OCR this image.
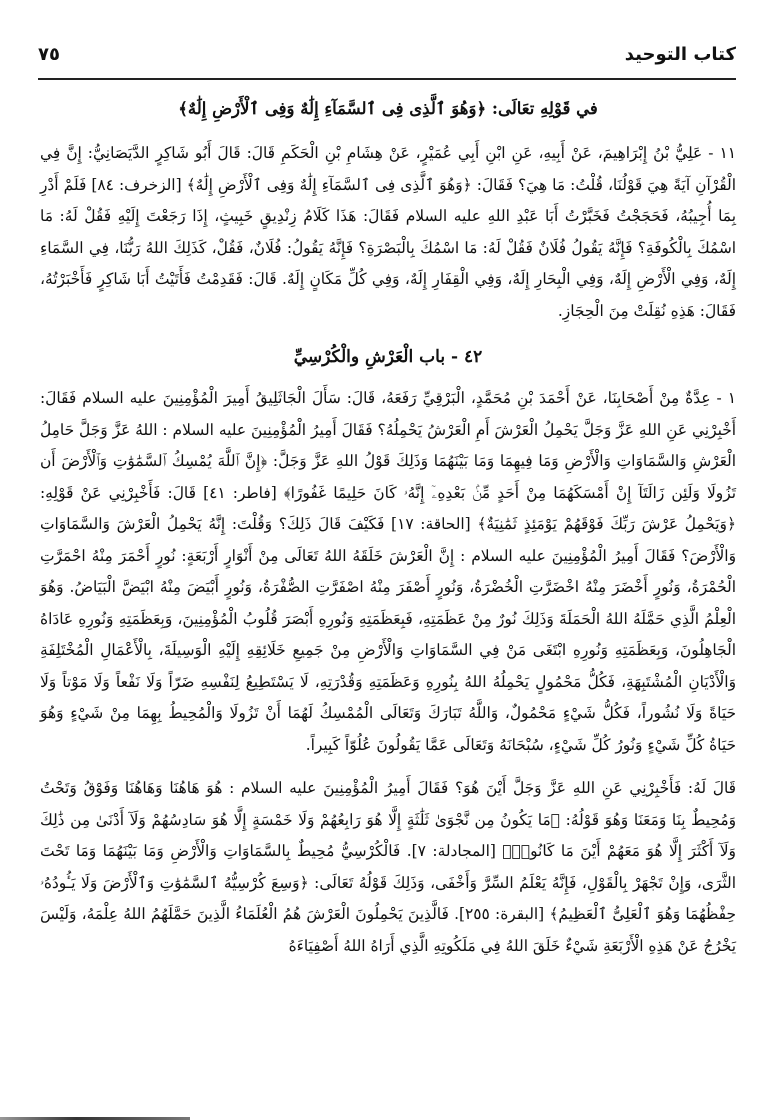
كتاب التوحيد
٧٥

في قَوْلِهِ تعَالَى: ﴿وَهُوَ ٱلَّذِى فِى ٱلسَّمَآءِ إِلَٰهٌ وَفِى ٱلْأَرْضِ إِلَٰهٌ﴾

١١ - عَلِيُّ بْنُ إِبْرَاهِيمَ، عَنْ أَبِيهِ، عَنِ ابْنِ أَبِي عُمَيْرٍ، عَنْ هِشَامِ بْنِ الْحَكَمِ قَالَ: قَالَ أَبُو شَاكِرٍ الدَّيَصَانِيُّ: إِنَّ فِي الْقُرْآنِ آيَةً هِيَ قَوْلُنَا، قُلْتُ: مَا هِيَ؟ فَقَالَ: ﴿وَهُوَ ٱلَّذِى فِى ٱلسَّمَآءِ إِلَٰهٌ وَفِى ٱلْأَرْضِ إِلَٰهٌ﴾ [الزخرف: ٨٤] فَلَمْ أَدْرِ بِمَا أُجِيبُهُ، فَحَجَجْتُ فَخَبَّرْتُ أَبَا عَبْدِ اللهِ عليه السلام فَقَالَ: هَذَا كَلَامُ زِنْدِيقٍ خَبِيثٍ، إِذَا رَجَعْتَ إِلَيْهِ فَقُلْ لَهُ: مَا اسْمُكَ بِالْكُوفَةِ؟ فَإِنَّهُ يَقُولُ فُلَانٌ فَقُلْ لَهُ: مَا اسْمُكَ بِالْبَصْرَةِ؟ فَإِنَّهُ يَقُولُ: فُلَانٌ، فَقُلْ، كَذَلِكَ اللهُ رَبُّنَا، فِي السَّمَاءِ إِلَهٌ، وَفِي الْأَرْضِ إِلَهٌ، وَفِي الْبِحَارِ إِلَهٌ، وَفِي الْقِفَارِ إِلَهٌ، وَفِي كُلِّ مَكَانٍ إِلَهٌ. قَالَ: فَقَدِمْتُ فَأَتَيْتُ أَبَا شَاكِرٍ فَأَخْبَرْتُهُ، فَقَالَ: هَذِهِ نُقِلَتْ مِنَ الْحِجَازِ.

٤٢ - باب الْعَرْشِ والْكُرْسِيِّ

١ - عِدَّةٌ مِنْ أَصْحَابِنَا، عَنْ أَحْمَدَ بْنِ مُحَمَّدٍ، الْبَرْقِيِّ رَفَعَهُ، قَالَ: سَأَلَ الْجَاثَلِيقُ أَمِيرَ الْمُؤْمِنِينَ عليه السلام فَقَالَ: أَخْبِرْنِي عَنِ اللهِ عَزَّ وَجَلَّ يَحْمِلُ الْعَرْشَ أَمِ الْعَرْشُ يَحْمِلُهُ؟ فَقَالَ أَمِيرُ الْمُؤْمِنِينَ عليه السلام : اللهُ عَزَّ وَجَلَّ حَامِلُ الْعَرْشِ وَالسَّمَاوَاتِ وَالْأَرْضِ وَمَا فِيهِمَا وَمَا بَيْنَهُمَا وَذَلِكَ قَوْلُ اللهِ عَزَّ وَجَلَّ: ﴿إِنَّ ٱللَّهَ يُمْسِكُ ٱلسَّمَٰوَٰتِ وَٱلْأَرْضَ أَن تَزُولَا وَلَئِن زَالَتَآ إِنْ أَمْسَكَهُمَا مِنْ أَحَدٍ مِّنۢ بَعْدِهِۦٓ إِنَّهُۥ كَانَ حَلِيمًا غَفُورًا﴾ [فاطر: ٤١] قَالَ: فَأَخْبِرْنِي عَنْ قَوْلِهِ: ﴿وَيَحْمِلُ عَرْشَ رَبِّكَ فَوْقَهُمْ يَوْمَئِذٍ ثَمَٰنِيَةٌ﴾ [الحاقة: ١٧] فَكَيْفَ قَالَ ذَلِكَ؟ وَقُلْتَ: إِنَّهُ يَحْمِلُ الْعَرْشَ وَالسَّمَاوَاتِ وَالْأَرْضَ؟ فَقَالَ أَمِيرُ الْمُؤْمِنِينَ عليه السلام : إِنَّ الْعَرْشَ خَلَقَهُ اللهُ تَعَالَى مِنْ أَنْوَارٍ أَرْبَعَةٍ: نُورٍ أَحْمَرَ مِنْهُ احْمَرَّتِ الْحُمْرَةُ، وَنُورٍ أَخْضَرَ مِنْهُ اخْضَرَّتِ الْخُضْرَةُ، وَنُورٍ أَصْفَرَ مِنْهُ اصْفَرَّتِ الصُّفْرَةُ، وَنُورٍ أَبْيَضَ مِنْهُ ابْيَضَّ الْبَيَاضُ. وَهُوَ الْعِلْمُ الَّذِي حَمَّلَهُ اللهُ الْحَمَلَةَ وَذَلِكَ نُورٌ مِنْ عَظَمَتِهِ، فَبِعَظَمَتِهِ وَنُورِهِ أَبْصَرَ قُلُوبُ الْمُؤْمِنِينَ، وَبِعَظَمَتِهِ وَنُورِهِ عَادَاهُ الْجَاهِلُونَ، وَبِعَظَمَتِهِ وَنُورِهِ ابْتَغَى مَنْ فِي السَّمَاوَاتِ وَالْأَرْضِ مِنْ جَمِيعِ خَلَائِقِهِ إِلَيْهِ الْوَسِيلَةَ، بِالْأَعْمَالِ الْمُخْتَلِفَةِ وَالْأَدْيَانِ الْمُشْتَبِهَةِ، فَكُلُّ مَحْمُولٍ يَحْمِلُهُ اللهُ بِنُورِهِ وَعَظَمَتِهِ وَقُدْرَتِهِ، لَا يَسْتَطِيعُ لِنَفْسِهِ ضَرّاً وَلَا نَفْعاً وَلَا مَوْتاً وَلَا حَيَاةً وَلَا نُشُوراً، فَكُلُّ شَيْءٍ مَحْمُولٌ، وَاللَّهُ تَبَارَكَ وَتَعَالَى الْمُمْسِكُ لَهُمَا أَنْ تَزُولَا وَالْمُحِيطُ بِهِمَا مِنْ شَيْءٍ وَهُوَ حَيَاةُ كُلِّ شَيْءٍ وَنُورُ كُلِّ شَيْءٍ، سُبْحَانَهُ وَتَعَالَى عَمَّا يَقُولُونَ عُلُوّاً كَبِيراً.

قَالَ لَهُ: فَأَخْبِرْنِي عَنِ اللهِ عَزَّ وَجَلَّ أَيْنَ هُوَ؟ فَقَالَ أَمِيرُ الْمُؤْمِنِينَ عليه السلام : هُوَ هَاهُنَا وَهَاهُنَا وَفَوْقُ وَتَحْتُ وَمُحِيطٌ بِنَا وَمَعَنَا وَهُوَ قَوْلُهُ: ﴿مَا يَكُونُ مِن نَّجْوَىٰ ثَلَٰثَةٍ إِلَّا هُوَ رَابِعُهُمْ وَلَا خَمْسَةٍ إِلَّا هُوَ سَادِسُهُمْ وَلَآ أَدْنَىٰ مِن ذَٰلِكَ وَلَآ أَكْثَرَ إِلَّا هُوَ مَعَهُمْ أَيْنَ مَا كَانُوا۟﴾ [المجادلة: ٧]. فَالْكُرْسِيُّ مُحِيطٌ بِالسَّمَاوَاتِ وَالْأَرْضِ وَمَا بَيْنَهُمَا وَمَا تَحْتَ الثَّرَى، وَإِنْ تَجْهَرْ بِالْقَوْلِ، فَإِنَّهُ يَعْلَمُ السِّرَّ وَأَخْفَى، وَذَلِكَ قَوْلُهُ تَعَالَى: ﴿وَسِعَ كُرْسِيُّهُ ٱلسَّمَٰوَٰتِ وَٱلْأَرْضَ وَلَا يَـُٔودُهُۥ حِفْظُهُمَا وَهُوَ ٱلْعَلِىُّ ٱلْعَظِيمُ﴾ [البقرة: ٢٥٥]. فَالَّذِينَ يَحْمِلُونَ الْعَرْشَ هُمُ الْعُلَمَاءُ الَّذِينَ حَمَّلَهُمُ اللهُ عِلْمَهُ، وَلَيْسَ يَخْرُجُ عَنْ هَذِهِ الْأَرْبَعَةِ شَيْءٌ خَلَقَ اللهُ فِي مَلَكُوتِهِ الَّذِي أَرَاهُ اللهُ أَصْفِيَاءَهُ
